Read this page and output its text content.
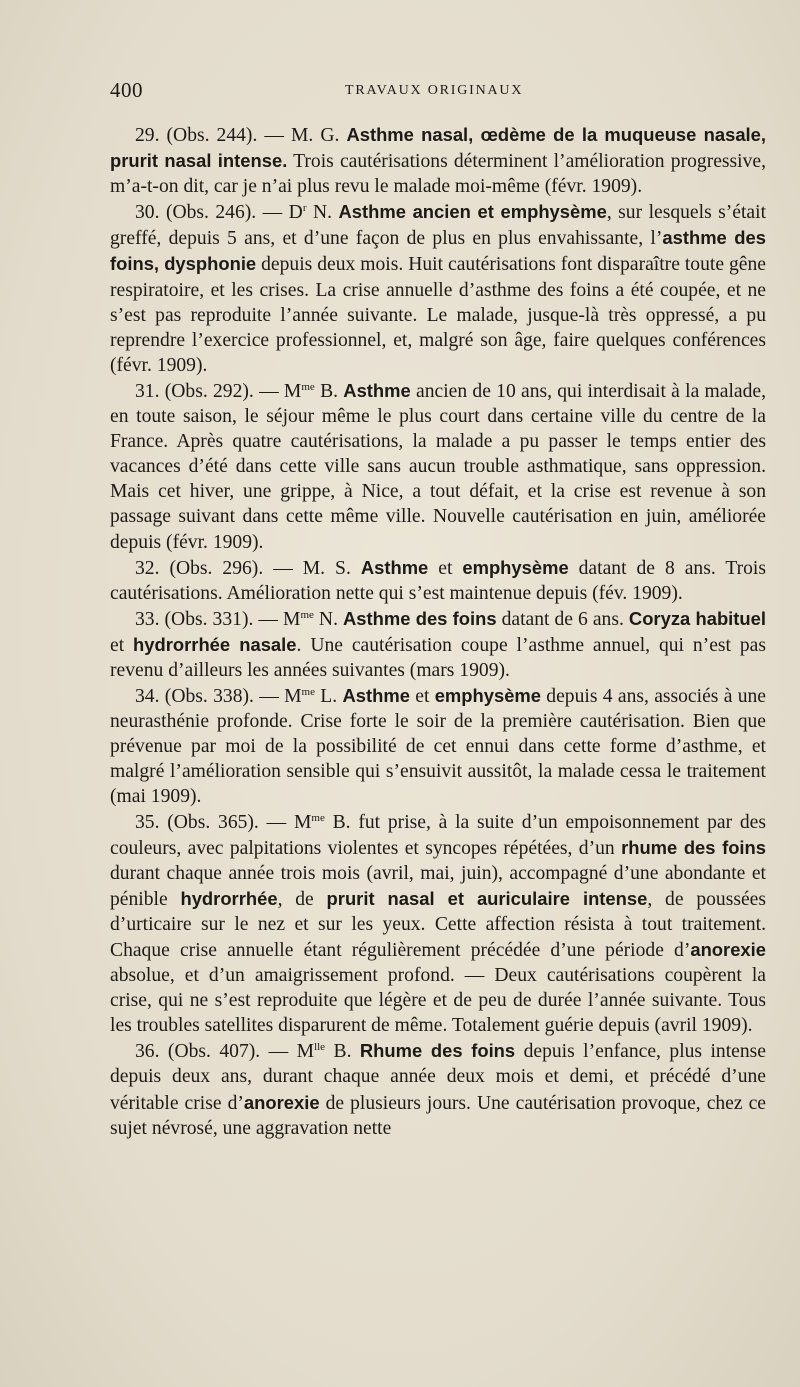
400	TRAVAUX ORIGINAUX

29. (Obs. 244). — M. G. Asthme nasal, œdème de la muqueuse nasale, prurit nasal intense. Trois cautérisations déterminent l’amélioration progressive, m’a-t-on dit, car je n’ai plus revu le malade moi-même (févr. 1909).

30. (Obs. 246). — $D^r$ N. Asthme ancien et emphysème, sur lesquels s’était greffé, depuis 5 ans, et d’une façon de plus en plus envahissante, l’asthme des foins, dysphonie depuis deux mois. Huit cautérisations font disparaître toute gêne respiratoire, et les crises. La crise annuelle d’asthme des foins a été coupée, et ne s’est pas reproduite l’année suivante. Le malade, jusque-là très oppressé, a pu reprendre l’exercice professionnel, et, malgré son âge, faire quelques conférences (févr. 1909).

31. (Obs. 292). — $M^{me}$ B. Asthme ancien de 10 ans, qui interdisait à la malade, en toute saison, le séjour même le plus court dans certaine ville du centre de la France. Après quatre cautérisations, la malade a pu passer le temps entier des vacances d’été dans cette ville sans aucun trouble asthmatique, sans oppression. Mais cet hiver, une grippe, à Nice, a tout défait, et la crise est revenue à son passage suivant dans cette même ville. Nouvelle cautérisation en juin, améliorée depuis (févr. 1909).

32. (Obs. 296). — M. S. Asthme et emphysème datant de 8 ans. Trois cautérisations. Amélioration nette qui s’est maintenue depuis (fév. 1909).

33. (Obs. 331). — $M^{me}$ N. Asthme des foins datant de 6 ans. Coryza habituel et hydrorrhée nasale. Une cautérisation coupe l’asthme annuel, qui n’est pas revenu d’ailleurs les années suivantes (mars 1909).

34. (Obs. 338). — $M^{me}$ L. Asthme et emphysème depuis 4 ans, associés à une neurasthénie profonde. Crise forte le soir de la première cautérisation. Bien que prévenue par moi de la possibilité de cet ennui dans cette forme d’asthme, et malgré l’amélioration sensible qui s’ensuivit aussitôt, la malade cessa le traitement (mai 1909).

35. (Obs. 365). — $M^{me}$ B. fut prise, à la suite d’un empoisonnement par des couleurs, avec palpitations violentes et syncopes répétées, d’un rhume des foins durant chaque année trois mois (avril, mai, juin), accompagné d’une abondante et pénible hydrorrhée, de prurit nasal et auriculaire intense, de poussées d’urticaire sur le nez et sur les yeux. Cette affection résista à tout traitement. Chaque crise annuelle étant régulièrement précédée d’une période d’anorexie absolue, et d’un amaigrissement profond. — Deux cautérisations coupèrent la crise, qui ne s’est reproduite que légère et de peu de durée l’année suivante. Tous les troubles satellites disparurent de même. Totalement guérie depuis (avril 1909).

36. (Obs. 407). — $M^{lle}$ B. Rhume des foins depuis l’enfance, plus intense depuis deux ans, durant chaque année deux mois et demi, et précédé d’une véritable crise d’anorexie de plusieurs jours. Une cautérisation provoque, chez ce sujet névrosé, une aggravation nette
